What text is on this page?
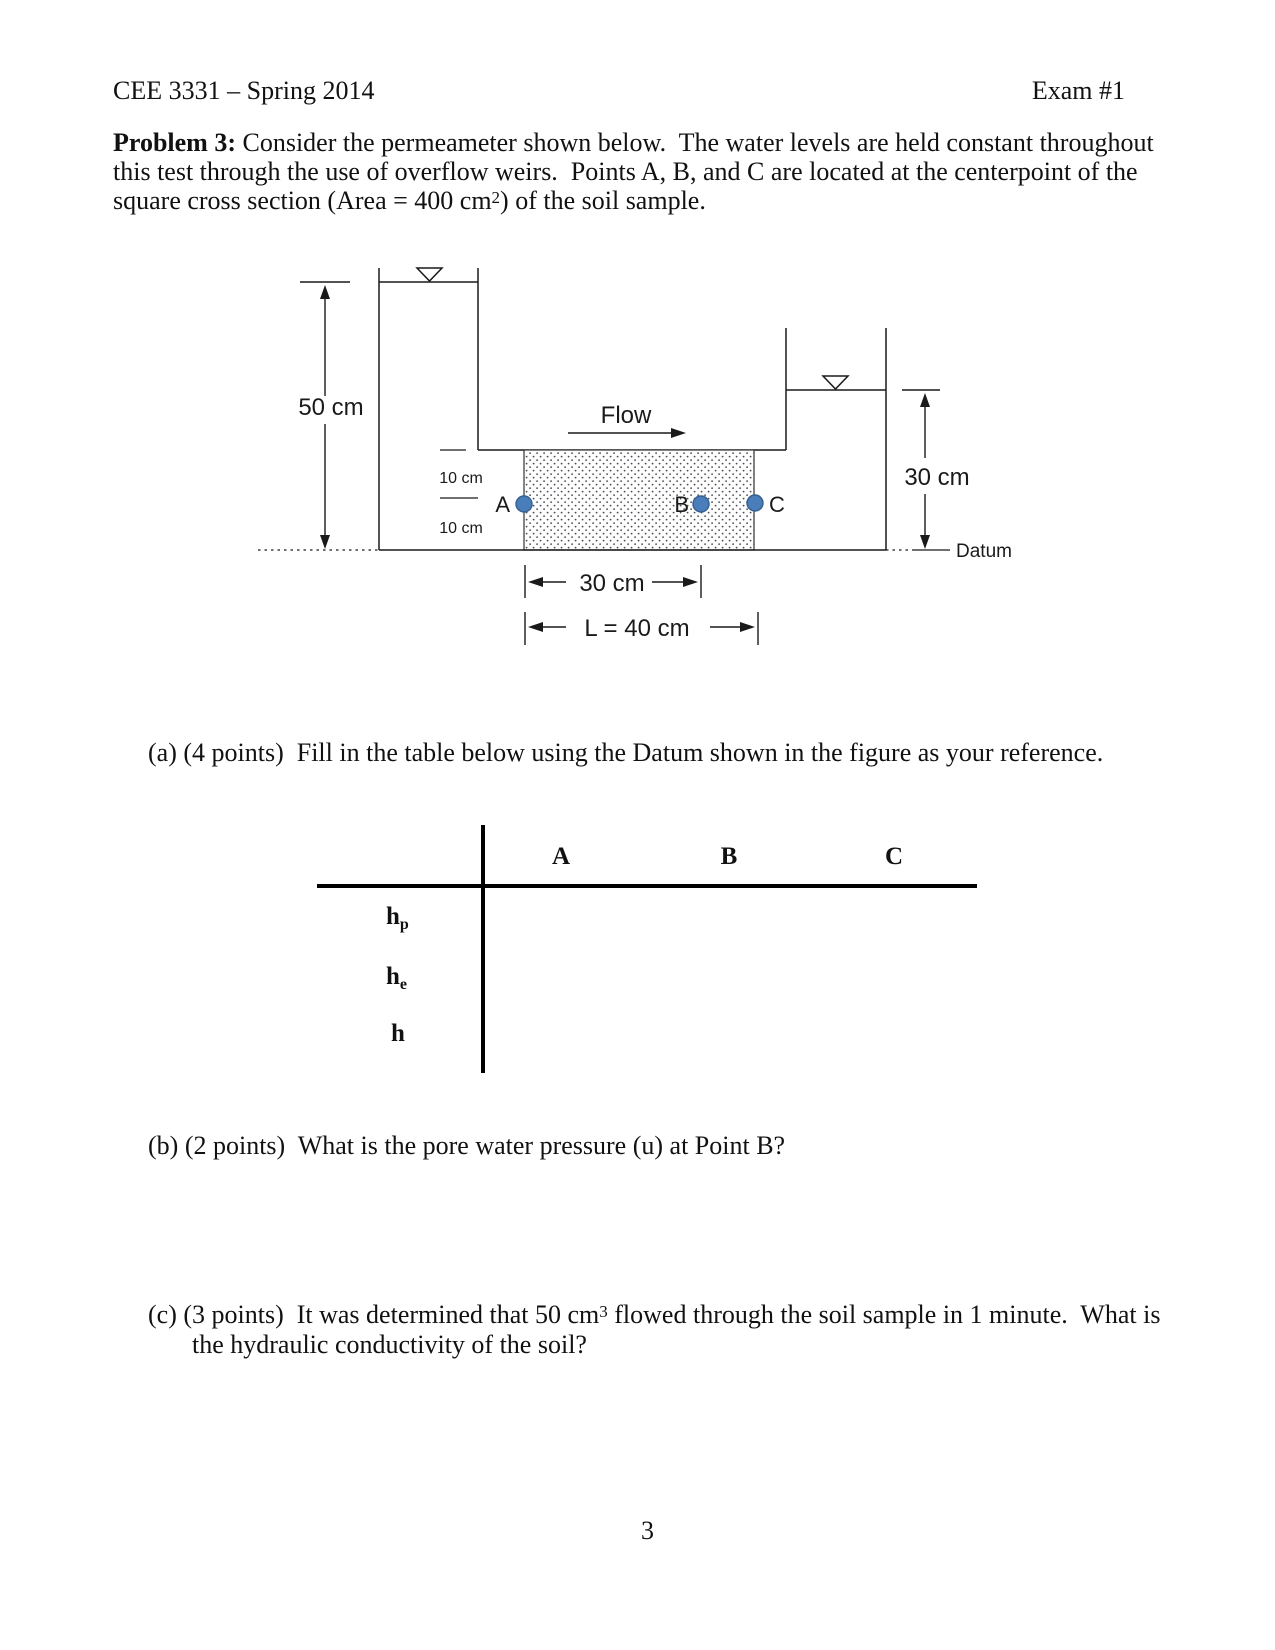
CEE 3331 – Spring 2014	Exam #1
Problem 3: Consider the permeameter shown below.  The water levels are held constant throughout this test through the use of overflow weirs.  Points A, B, and C are located at the centerpoint of the square cross section (Area = 400 $cm^2$) of the soil sample.
50 cm
10 cm
10 cm
Flow
A	B	C
30 cm
Datum
30 cm
L = 40 cm
(a) (4 points)  Fill in the table below using the Datum shown in the figure as your reference.
A	B	C
$h_p$
$h_e$
h
(b) (2 points)  What is the pore water pressure (u) at Point B?
(c) (3 points)  It was determined that 50 $cm^3$ flowed through the soil sample in 1 minute.  What is the hydraulic conductivity of the soil?
3
